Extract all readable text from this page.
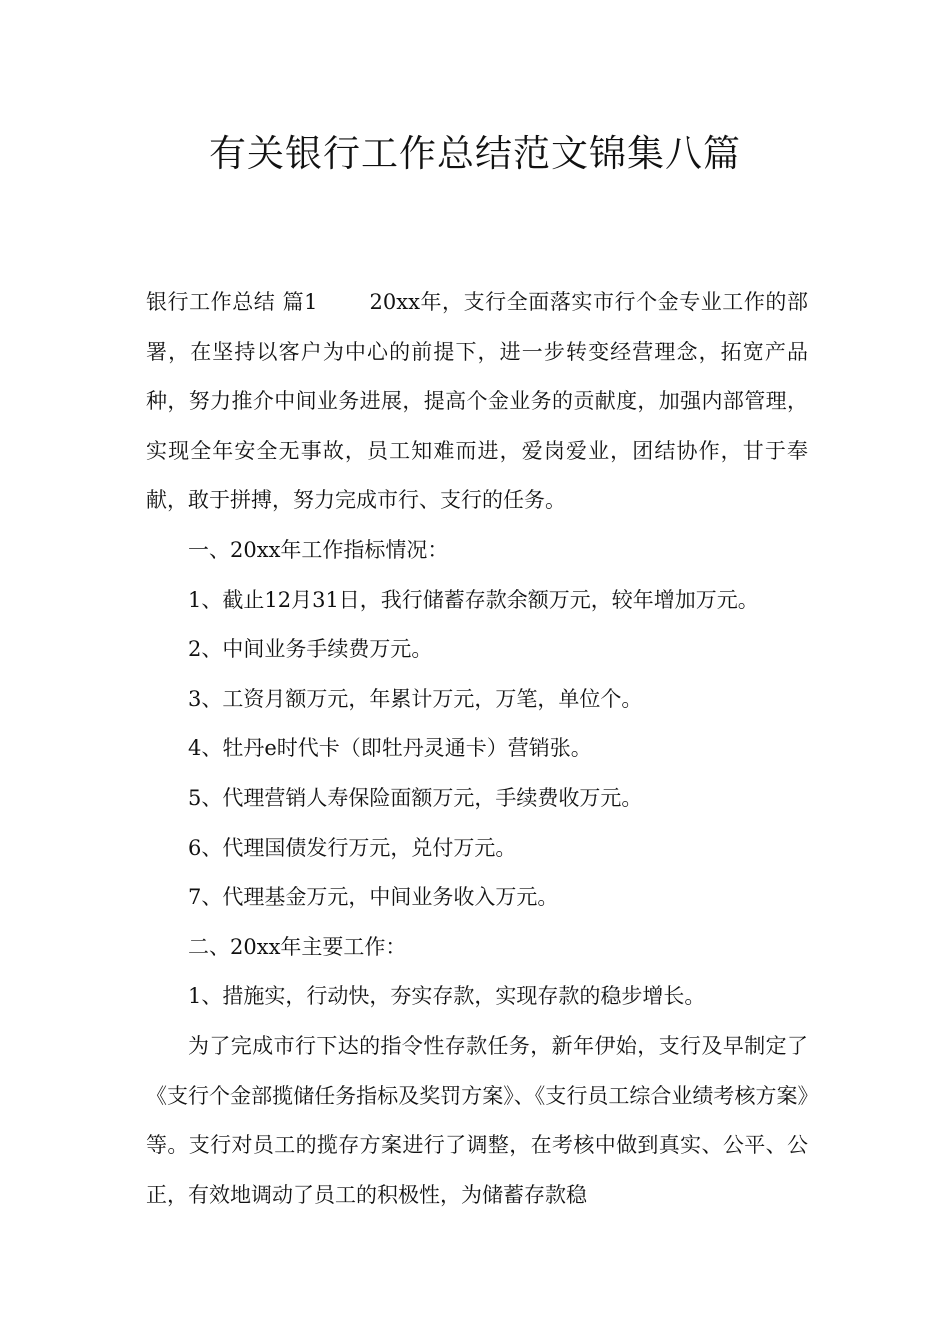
有关银行工作总结范文锦集八篇

银行工作总结 篇1 20xx年，支行全面落实市行个金专业工作的部署，在坚持以客户为中心的前提下，进一步转变经营理念，拓宽产品种，努力推介中间业务进展，提高个金业务的贡献度，加强内部管理，实现全年安全无事故，员工知难而进，爱岗爱业，团结协作，甘于奉献，敢于拼搏，努力完成市行、支行的任务。

一、20xx年工作指标情况：

1、截止12月31日，我行储蓄存款余额万元，较年增加万元。

2、中间业务手续费万元。

3、工资月额万元，年累计万元，万笔，单位个。

4、牡丹e时代卡（即牡丹灵通卡）营销张。

5、代理营销人寿保险面额万元，手续费收万元。

6、代理国债发行万元，兑付万元。

7、代理基金万元，中间业务收入万元。

二、20xx年主要工作：

1、措施实，行动快，夯实存款，实现存款的稳步增长。

为了完成市行下达的指令性存款任务，新年伊始，支行及早制定了《支行个金部揽储任务指标及奖罚方案》、《支行员工综合业绩考核方案》等。支行对员工的揽存方案进行了调整，在考核中做到真实、公平、公正，有效地调动了员工的积极性，为储蓄存款稳
